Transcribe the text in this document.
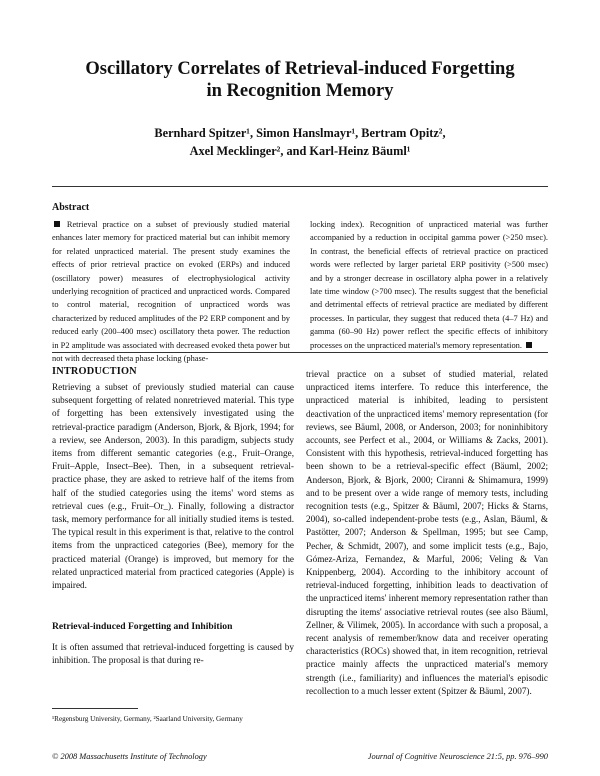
Oscillatory Correlates of Retrieval-induced Forgetting
in Recognition Memory
Bernhard Spitzer¹, Simon Hanslmayr¹, Bertram Opitz²,
Axel Mecklinger², and Karl-Heinz Bäuml¹
Abstract
Retrieval practice on a subset of previously studied material enhances later memory for practiced material but can inhibit memory for related unpracticed material. The present study examines the effects of prior retrieval practice on evoked (ERPs) and induced (oscillatory power) measures of electrophysiological activity underlying recognition of practiced and unpracticed words. Compared to control material, recognition of unpracticed words was characterized by reduced amplitudes of the P2 ERP component and by reduced early (200–400 msec) oscillatory theta power. The reduction in P2 amplitude was associated with decreased evoked theta power but not with decreased theta phase locking (phase-
locking index). Recognition of unpracticed material was further accompanied by a reduction in occipital gamma power (>250 msec). In contrast, the beneficial effects of retrieval practice on practiced words were reflected by larger parietal ERP positivity (>500 msec) and by a stronger decrease in oscillatory alpha power in a relatively late time window (>700 msec). The results suggest that the beneficial and detrimental effects of retrieval practice are mediated by different processes. In particular, they suggest that reduced theta (4–7 Hz) and gamma (60–90 Hz) power reflect the specific effects of inhibitory processes on the unpracticed material's memory representation.
INTRODUCTION

Retrieving a subset of previously studied material can cause subsequent forgetting of related nonretrieved material. This type of forgetting has been extensively investigated using the retrieval-practice paradigm (Anderson, Bjork, & Bjork, 1994; for a review, see Anderson, 2003). In this paradigm, subjects study items from different semantic categories (e.g., Fruit–Orange, Fruit–Apple, Insect–Bee). Then, in a subsequent retrieval-practice phase, they are asked to retrieve half of the items from half of the studied categories using the items' word stems as retrieval cues (e.g., Fruit–Or_). Finally, following a distractor task, memory performance for all initially studied items is tested. The typical result in this experiment is that, relative to the control items from the unpracticed categories (Bee), memory for the practiced material (Orange) is improved, but memory for the related unpracticed material from practiced categories (Apple) is impaired.

Retrieval-induced Forgetting and Inhibition

It is often assumed that retrieval-induced forgetting is caused by inhibition. The proposal is that during re-

trieval practice on a subset of studied material, related unpracticed items interfere. To reduce this interference, the unpracticed material is inhibited, leading to persistent deactivation of the unpracticed items' memory representation (for reviews, see Bäuml, 2008, or Anderson, 2003; for noninhibitory accounts, see Perfect et al., 2004, or Williams & Zacks, 2001). Consistent with this hypothesis, retrieval-induced forgetting has been shown to be a retrieval-specific effect (Bäuml, 2002; Anderson, Bjork, & Bjork, 2000; Ciranni & Shimamura, 1999) and to be present over a wide range of memory tests, including recognition tests (e.g., Spitzer & Bäuml, 2007; Hicks & Starns, 2004), so-called independent-probe tests (e.g., Aslan, Bäuml, & Pastötter, 2007; Anderson & Spellman, 1995; but see Camp, Pecher, & Schmidt, 2007), and some implicit tests (e.g., Bajo, Gómez-Ariza, Fernandez, & Marful, 2006; Veling & Van Knippenberg, 2004). According to the inhibitory account of retrieval-induced forgetting, inhibition leads to deactivation of the unpracticed items' inherent memory representation rather than disrupting the items' associative retrieval routes (see also Bäuml, Zellner, & Vilimek, 2005). In accordance with such a proposal, a recent analysis of remember/know data and receiver operating characteristics (ROCs) showed that, in item recognition, retrieval practice mainly affects the unpracticed material's memory strength (i.e., familiarity) and influences the material's episodic recollection to a much lesser extent (Spitzer & Bäuml, 2007).

¹Regensburg University, Germany, ²Saarland University, Germany
© 2008 Massachusetts Institute of Technology	Journal of Cognitive Neuroscience 21:5, pp. 976–990
